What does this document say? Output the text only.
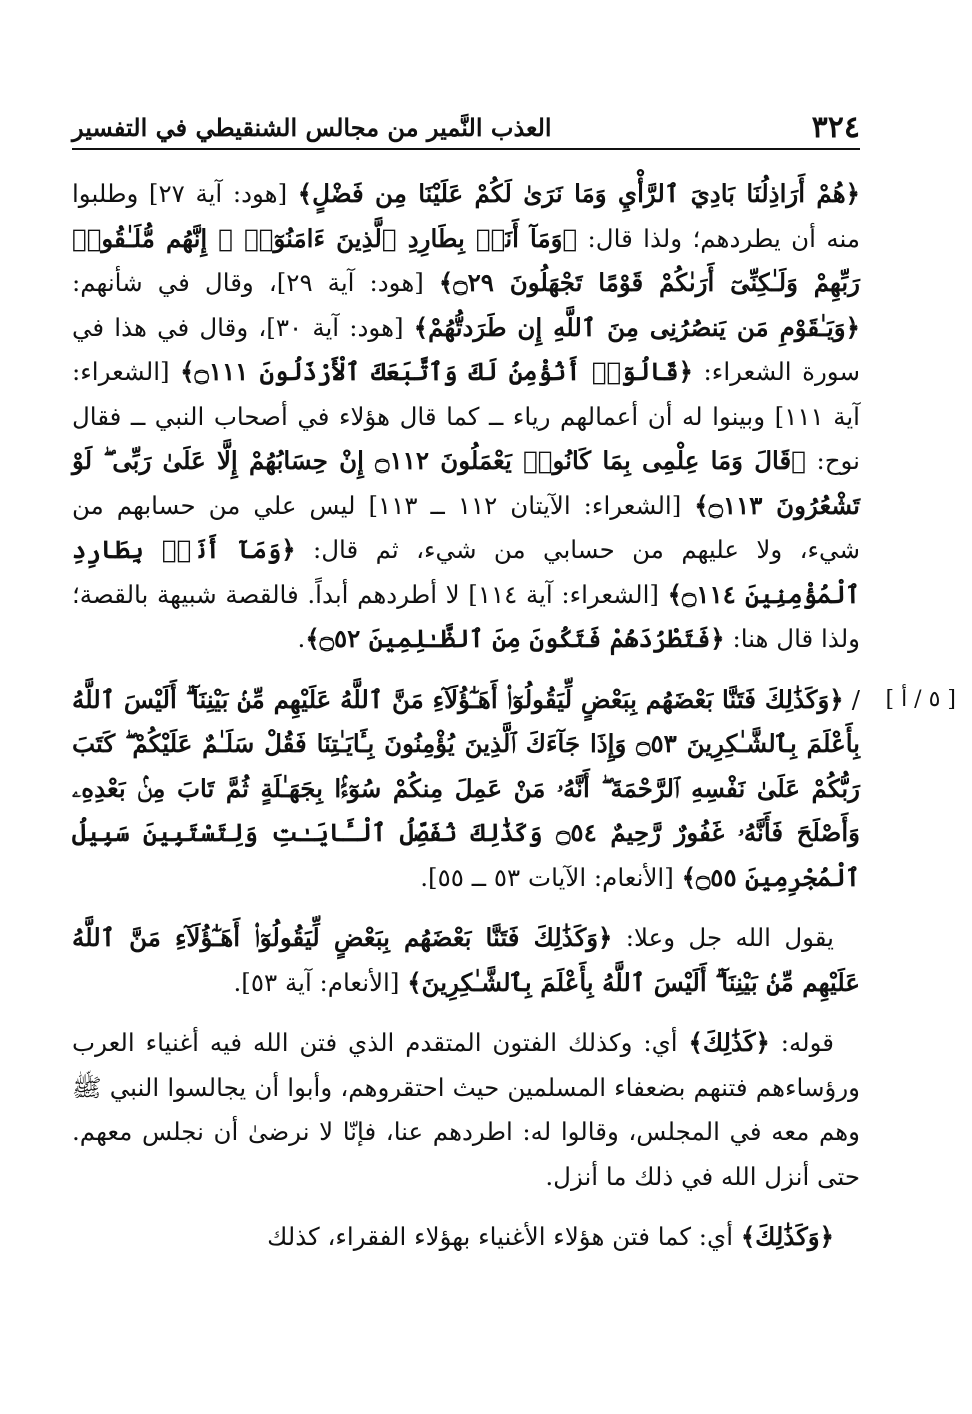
٣٢٤
العذب النَّمير من مجالس الشنقيطي في التفسير

﴿هُمْ أَرَاذِلُنَا بَادِيَ ٱلرَّأْيِ وَمَا نَرَىٰ لَكُمْ عَلَيْنَا مِن فَضْلٍ﴾ [هود: آية ٢٧] وطلبوا منه أن يطردهم؛ ولذا قال: ﴿وَمَآ أَنَا۠ بِطَارِدِ ٱلَّذِينَ ءَامَنُوٓا۟ ۚ إِنَّهُم مُّلَـٰقُوا۟ رَبِّهِمْ وَلَـٰكِنِّىٓ أَرَىٰكُمْ قَوْمًا تَجْهَلُونَ ۝٢٩﴾ [هود: آية ٢٩]، وقال في شأنهم: ﴿وَيَـٰقَوْمِ مَن يَنصُرُنِى مِنَ ٱللَّهِ إِن طَرَدتُّهُمْ﴾ [هود: آية ٣٠]، وقال في هذا في سورة الشعراء: ﴿قَالُوٓا۟ أَنُؤْمِنُ لَكَ وَٱتَّبَعَكَ ٱلْأَرْذَلُونَ ۝١١١﴾ [الشعراء: آية ١١١] وبينوا له أن أعمالهم رياء ــ كما قال هؤلاء في أصحاب النبي ــ فقال نوح: ﴿قَالَ وَمَا عِلْمِى بِمَا كَانُوا۟ يَعْمَلُونَ ۝١١٢ إِنْ حِسَابُهُمْ إِلَّا عَلَىٰ رَبِّى ۖ لَوْ تَشْعُرُونَ ۝١١٣﴾ [الشعراء: الآيتان ١١٢ ــ ١١٣] ليس علي من حسابهم من شيء، ولا عليهم من حسابي من شيء، ثم قال: ﴿وَمَآ أَنَا۠ بِطَارِدِ ٱلْمُؤْمِنِينَ ۝١١٤﴾ [الشعراء: آية ١١٤] لا أطردهم أبداً. فالقصة شبيهة بالقصة؛ ولذا قال هنا: ﴿فَتَطْرُدَهُمْ فَتَكُونَ مِنَ ٱلظَّـٰلِمِينَ ۝٥٢﴾.

[ ٥ / أ ]

/ ﴿وَكَذَٰلِكَ فَتَنَّا بَعْضَهُم بِبَعْضٍ لِّيَقُولُوٓا۟ أَهَـٰٓؤُلَآءِ مَنَّ ٱللَّهُ عَلَيْهِم مِّنۢ بَيْنِنَآ ۗ أَلَيْسَ ٱللَّهُ بِأَعْلَمَ بِٱلشَّـٰكِرِينَ ۝٥٣ وَإِذَا جَآءَكَ ٱلَّذِينَ يُؤْمِنُونَ بِـَٔايَـٰتِنَا فَقُلْ سَلَـٰمٌ عَلَيْكُمْ ۖ كَتَبَ رَبُّكُمْ عَلَىٰ نَفْسِهِ ٱلرَّحْمَةَ ۖ أَنَّهُۥ مَنْ عَمِلَ مِنكُمْ سُوٓءًۢا بِجَهَـٰلَةٍ ثُمَّ تَابَ مِنۢ بَعْدِهِۦ وَأَصْلَحَ فَأَنَّهُۥ غَفُورٌ رَّحِيمٌ ۝٥٤ وَكَذَٰلِكَ نُفَصِّلُ ٱلْـَٔايَـٰتِ وَلِتَسْتَبِينَ سَبِيلُ ٱلْمُجْرِمِينَ ۝٥٥﴾ [الأنعام: الآيات ٥٣ ــ ٥٥].

يقول الله جل وعلا: ﴿وَكَذَٰلِكَ فَتَنَّا بَعْضَهُم بِبَعْضٍ لِّيَقُولُوٓا۟ أَهَـٰٓؤُلَآءِ مَنَّ ٱللَّهُ عَلَيْهِم مِّنۢ بَيْنِنَآ ۗ أَلَيْسَ ٱللَّهُ بِأَعْلَمَ بِٱلشَّـٰكِرِينَ﴾ [الأنعام: آية ٥٣].

قوله: ﴿كَذَٰلِكَ﴾ أي: وكذلك الفتون المتقدم الذي فتن الله فيه أغنياء العرب ورؤساءهم فتنهم بضعفاء المسلمين حيث احتقروهم، وأبوا أن يجالسوا النبي ﷺ وهم معه في المجلس، وقالوا له: اطردهم عنا، فإنّا لا نرضىٰ أن نجلس معهم. حتى أنزل الله في ذلك ما أنزل.

﴿وَكَذَٰلِكَ﴾ أي: كما فتن هؤلاء الأغنياء بهؤلاء الفقراء، كذلك
